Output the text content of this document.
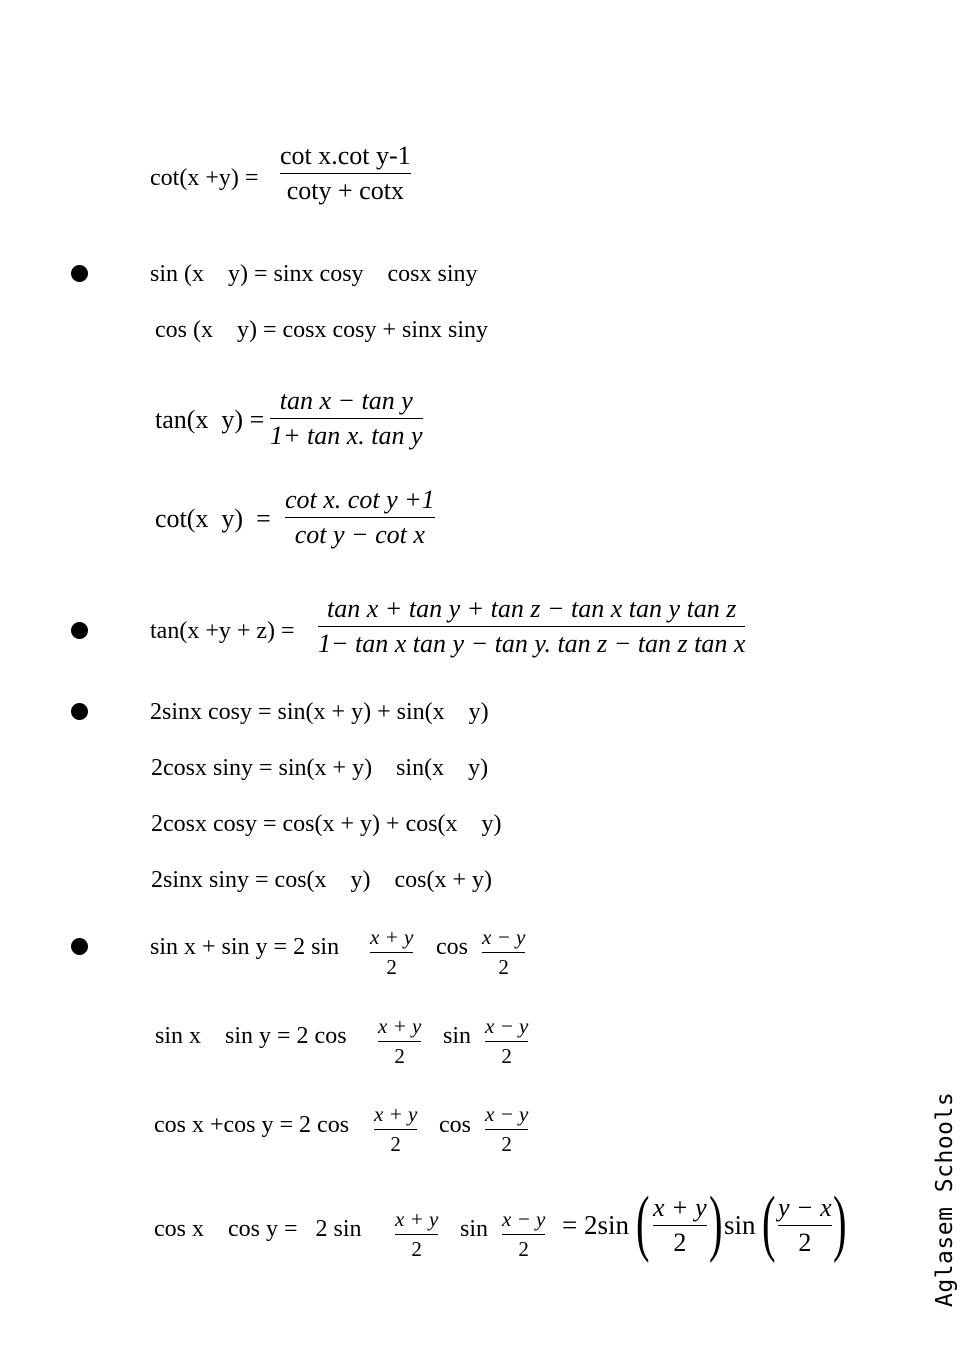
cot(x +y) =
cot x.cot y-1
coty + cotx
sin (x    y) = sinx cosy    cosx siny
cos (x    y) = cosx cosy + sinx siny
tan(x  y) =
tan x − tan y
1+ tan x. tan y
cot(x  y)  =
cot x. cot y +1
cot y − cot x
tan(x +y + z) =
tan x + tan y + tan z − tan x tan y tan z
1− tan x tan y − tan y. tan z − tan z tan x
2sinx cosy = sin(x + y) + sin(x    y)
2cosx siny = sin(x + y)    sin(x    y)
2cosx cosy = cos(x + y) + cos(x    y)
2sinx siny = cos(x    y)    cos(x + y)
sin x + sin y = 2 sin x + y
2
cos x − y
2
sin x    sin y = 2 cos x + y
2
sin x − y
2
cos x +cos y = 2 cos x + y
2
cos x − y
2
cos x    cos y =   2 sin x + y
2
sin x − y
2
= 2sin ( x + y
2 ) sin ( y − x
2 )	Aglasem Schools
